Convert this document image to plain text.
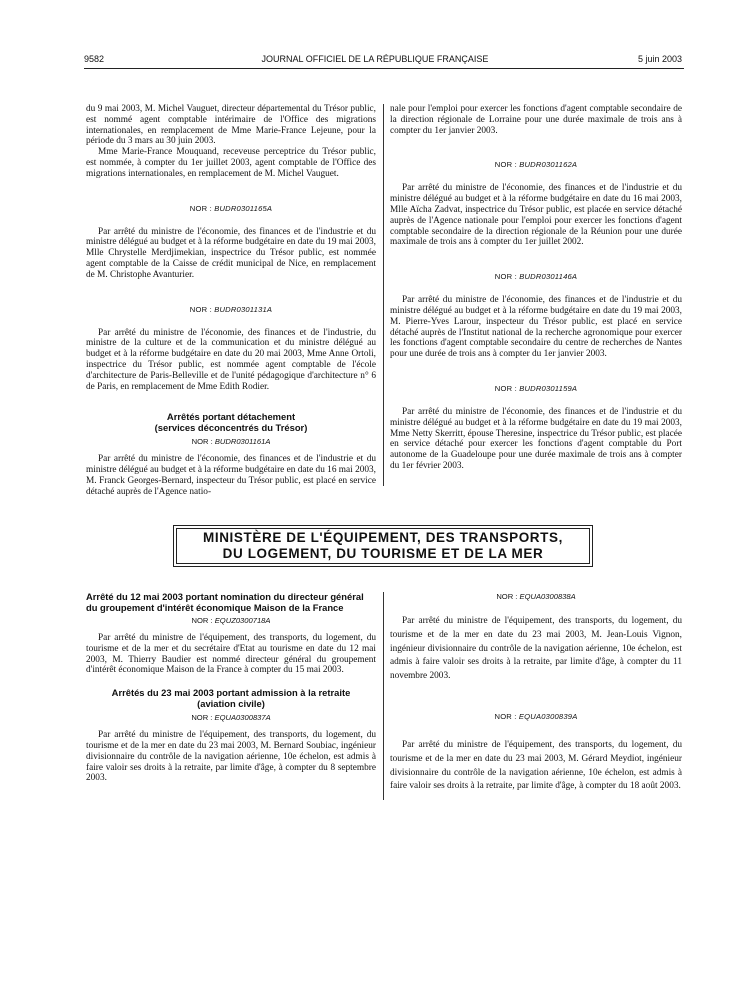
9582	JOURNAL OFFICIEL DE LA RÉPUBLIQUE FRANÇAISE	5 juin 2003

du 9 mai 2003, M. Michel Vauguet, directeur départemental du Trésor public, est nommé agent comptable intérimaire de l'Office des migrations internationales, en remplacement de Mme Marie-France Lejeune, pour la période du 3 mars au 30 juin 2003.

Mme Marie-France Mouquand, receveuse perceptrice du Trésor public, est nommée, à compter du 1er juillet 2003, agent comptable de l'Office des migrations internationales, en remplacement de M. Michel Vauguet.

NOR : BUDR0301165A

Par arrêté du ministre de l'économie, des finances et de l'industrie et du ministre délégué au budget et à la réforme budgétaire en date du 19 mai 2003, Mlle Chrystelle Merdjimekian, inspectrice du Trésor public, est nommée agent comptable de la Caisse de crédit municipal de Nice, en remplacement de M. Christophe Avanturier.

NOR : BUDR0301131A

Par arrêté du ministre de l'économie, des finances et de l'industrie, du ministre de la culture et de la communication et du ministre délégué au budget et à la réforme budgétaire en date du 20 mai 2003, Mme Anne Ortoli, inspectrice du Trésor public, est nommée agent comptable de l'école d'architecture de Paris-Belleville et de l'unité pédagogique d'architecture n° 6 de Paris, en remplacement de Mme Edith Rodier.

Arrêtés portant détachement
(services déconcentrés du Trésor)
NOR : BUDR0301161A

Par arrêté du ministre de l'économie, des finances et de l'industrie et du ministre délégué au budget et à la réforme budgétaire en date du 16 mai 2003, M. Franck Georges-Bernard, inspecteur du Trésor public, est placé en service détaché auprès de l'Agence natio-

nale pour l'emploi pour exercer les fonctions d'agent comptable secondaire de la direction régionale de Lorraine pour une durée maximale de trois ans à compter du 1er janvier 2003.

NOR : BUDR0301162A

Par arrêté du ministre de l'économie, des finances et de l'industrie et du ministre délégué au budget et à la réforme budgétaire en date du 16 mai 2003, Mlle Aïcha Zadvat, inspectrice du Trésor public, est placée en service détaché auprès de l'Agence nationale pour l'emploi pour exercer les fonctions d'agent comptable secondaire de la direction régionale de la Réunion pour une durée maximale de trois ans à compter du 1er juillet 2002.

NOR : BUDR0301146A

Par arrêté du ministre de l'économie, des finances et de l'industrie et du ministre délégué au budget et à la réforme budgétaire en date du 19 mai 2003, M. Pierre-Yves Larour, inspecteur du Trésor public, est placé en service détaché auprès de l'Institut national de la recherche agronomique pour exercer les fonctions d'agent comptable secondaire du centre de recherches de Nantes pour une durée de trois ans à compter du 1er janvier 2003.

NOR : BUDR0301159A

Par arrêté du ministre de l'économie, des finances et de l'industrie et du ministre délégué au budget et à la réforme budgétaire en date du 19 mai 2003, Mme Netty Skerritt, épouse Theresine, inspectrice du Trésor public, est placée en service détaché pour exercer les fonctions d'agent comptable du Port autonome de la Guadeloupe pour une durée maximale de trois ans à compter du 1er février 2003.

MINISTÈRE DE L'ÉQUIPEMENT, DES TRANSPORTS,
DU LOGEMENT, DU TOURISME ET DE LA MER
Arrêté du 12 mai 2003 portant nomination du directeur général du groupement d'intérêt économique Maison de la France
NOR : EQUZ0300718A

Par arrêté du ministre de l'équipement, des transports, du logement, du tourisme et de la mer et du secrétaire d'Etat au tourisme en date du 12 mai 2003, M. Thierry Baudier est nommé directeur général du groupement d'intérêt économique Maison de la France à compter du 15 mai 2003.

Arrêtés du 23 mai 2003 portant admission à la retraite
(aviation civile)
NOR : EQUA0300837A

Par arrêté du ministre de l'équipement, des transports, du logement, du tourisme et de la mer en date du 23 mai 2003, M. Bernard Soubiac, ingénieur divisionnaire du contrôle de la navigation aérienne, 10e échelon, est admis à faire valoir ses droits à la retraite, par limite d'âge, à compter du 8 septembre 2003.

NOR : EQUA0300838A

Par arrêté du ministre de l'équipement, des transports, du logement, du tourisme et de la mer en date du 23 mai 2003, M. Jean-Louis Vignon, ingénieur divisionnaire du contrôle de la navigation aérienne, 10e échelon, est admis à faire valoir ses droits à la retraite, par limite d'âge, à compter du 11 novembre 2003.

NOR : EQUA0300839A

Par arrêté du ministre de l'équipement, des transports, du logement, du tourisme et de la mer en date du 23 mai 2003, M. Gérard Meydiot, ingénieur divisionnaire du contrôle de la navigation aérienne, 10e échelon, est admis à faire valoir ses droits à la retraite, par limite d'âge, à compter du 18 août 2003.
